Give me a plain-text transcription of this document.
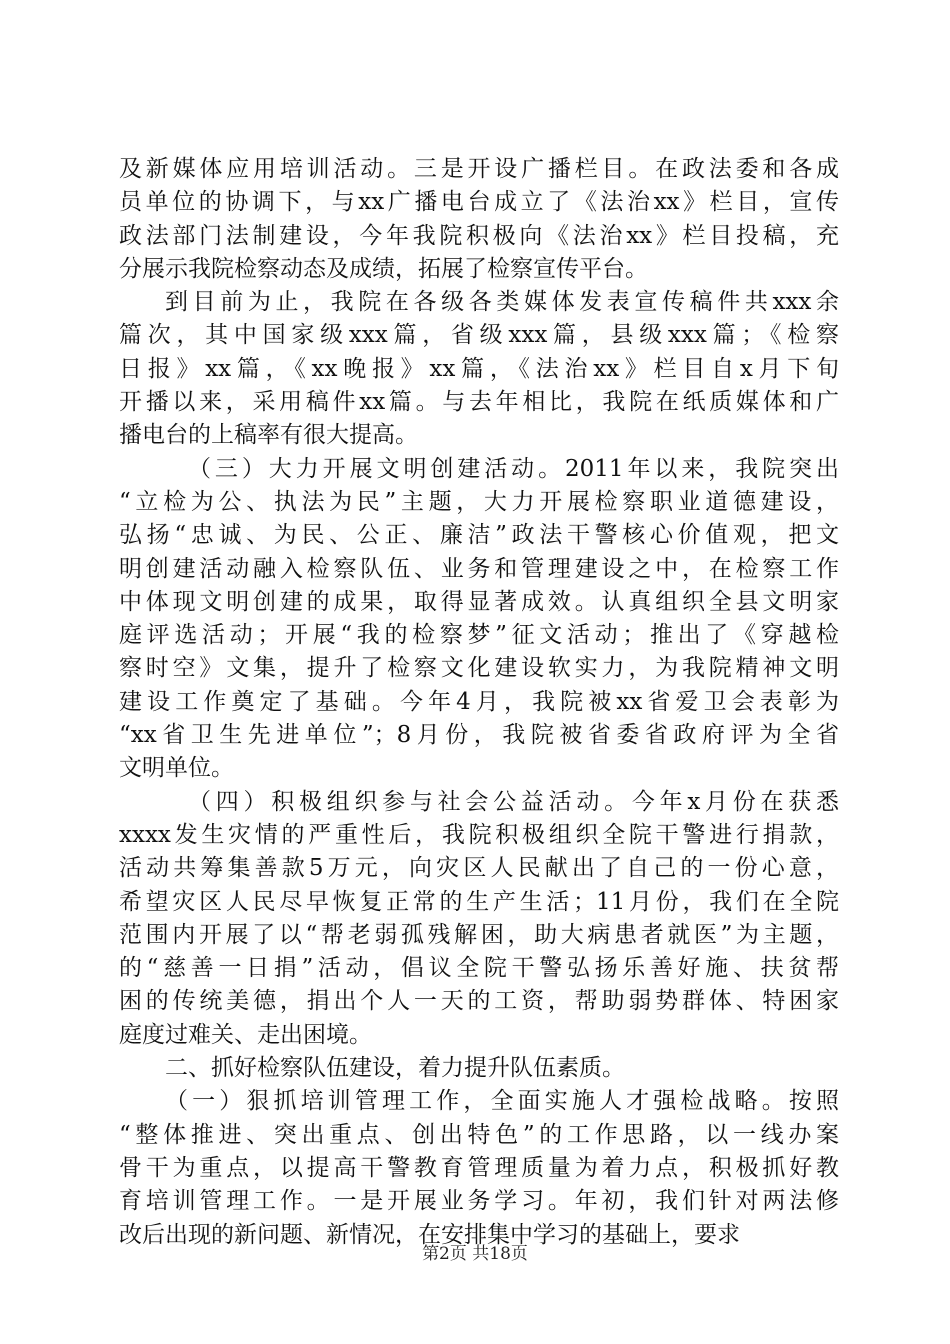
及新媒体应用培训活动。三是开设广播栏目。在政法委和各成
员单位的协调下，与xx广播电台成立了《法治xx》栏目，宣传
政法部门法制建设，今年我院积极向《法治xx》栏目投稿，充
分展示我院检察动态及成绩，拓展了检察宣传平台。
到目前为止，我院在各级各类媒体发表宣传稿件共xxx余
篇次，其中国家级xxx篇，省级xxx篇，县级xxx篇；《检察
日报》xx篇，《xx晚报》xx篇，《法治xx》栏目自x月下旬
开播以来，采用稿件xx篇。与去年相比，我院在纸质媒体和广
播电台的上稿率有很大提高。
（三）大力开展文明创建活动。2011年以来，我院突出
“立检为公、执法为民”主题，大力开展检察职业道德建设，
弘扬“忠诚、为民、公正、廉洁”政法干警核心价值观，把文
明创建活动融入检察队伍、业务和管理建设之中，在检察工作
中体现文明创建的成果，取得显著成效。认真组织全县文明家
庭评选活动；开展“我的检察梦”征文活动；推出了《穿越检
察时空》文集，提升了检察文化建设软实力，为我院精神文明
建设工作奠定了基础。今年4月，我院被xx省爱卫会表彰为
“xx省卫生先进单位”；8月份，我院被省委省政府评为全省
文明单位。
（四）积极组织参与社会公益活动。今年x月份在获悉
xxxx发生灾情的严重性后，我院积极组织全院干警进行捐款，
活动共筹集善款5万元，向灾区人民献出了自己的一份心意，
希望灾区人民尽早恢复正常的生产生活；11月份，我们在全院
范围内开展了以“帮老弱孤残解困，助大病患者就医”为主题，
的“慈善一日捐”活动，倡议全院干警弘扬乐善好施、扶贫帮
困的传统美德，捐出个人一天的工资，帮助弱势群体、特困家
庭度过难关、走出困境。
二、抓好检察队伍建设，着力提升队伍素质。
（一）狠抓培训管理工作，全面实施人才强检战略。按照
“整体推进、突出重点、创出特色”的工作思路，以一线办案
骨干为重点，以提高干警教育管理质量为着力点，积极抓好教
育培训管理工作。一是开展业务学习。年初，我们针对两法修
改后出现的新问题、新情况，在安排集中学习的基础上，要求
第2页 共18页
